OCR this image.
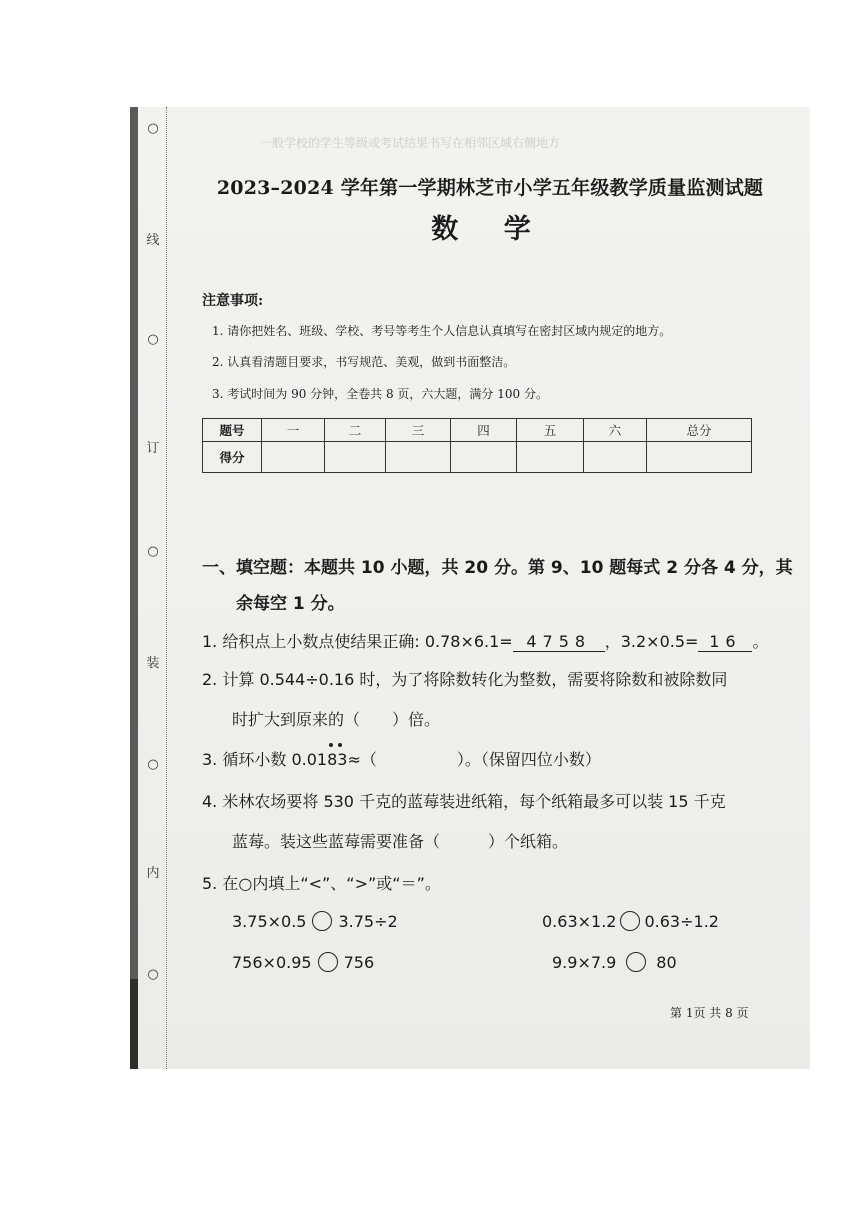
○
线
○
订
○
装
○
内
○
一般学校的学生等级或考试结果书写在相邻区域右侧地方
2023–2024 学年第一学期林芝市小学五年级教学质量监测试题
数 学
注意事项:
1. 请你把姓名、班级、学校、考号等考生个人信息认真填写在密封区域内规定的地方。
2. 认真看清题目要求，书写规范、美观，做到书面整洁。
3. 考试时间为 90 分钟，全卷共 8 页，六大题，满分 100 分。
题号	一	二	三	四	五	六	总分
得分							
一、填空题：本题共 10 小题，共 20 分。第 9、10 题每式 2 分各 4 分，其
余每空 1 分。
1. 给积点上小数点使结果正确: 0.78×6.1= 4758 ，3.2×0.5= 16 。
2. 计算 0.544÷0.16 时，为了将除数转化为整数，需要将除数和被除数同
时扩大到原来的（　　）倍。
3. 循环小数 0.01
83≈（　　　　　）。（保留四位小数）
4. 米林农场要将 530 千克的蓝莓装进纸箱，每个纸箱最多可以装 15 千克
蓝莓。装这些蓝莓需要准备（　　　）个纸箱。
5. 在○内填上“<”、“>”或“＝”。
3.75×0.5 3.75÷2	0.63×1.2 0.63÷1.2
756×0.95 756	9.9×7.9	80
第 1页 共 8 页
